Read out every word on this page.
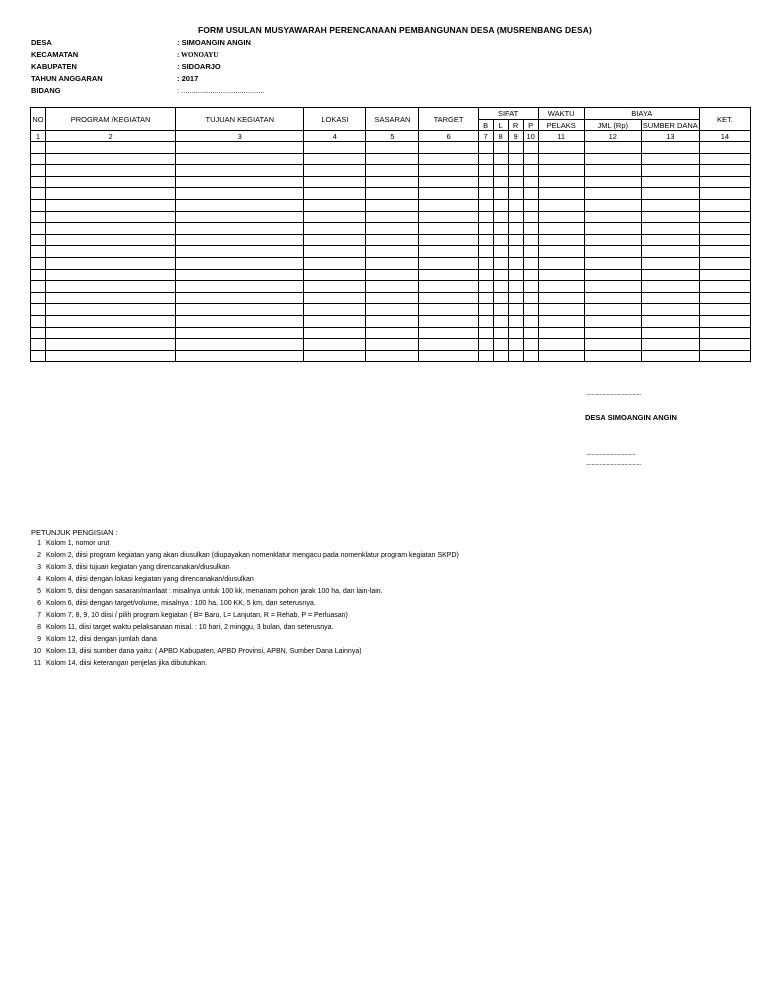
FORM USULAN MUSYAWARAH PERENCANAAN PEMBANGUNAN DESA (MUSRENBANG DESA)
DESA	: SIMOANGIN ANGIN
KECAMATAN	: WONOAYU
KABUPATEN	: SIDOARJO
TAHUN ANGGARAN	: 2017
BIDANG	: ........................................
NO	PROGRAM /KEGIATAN	TUJUAN KEGIATAN	LOKASI	SASARAN	TARGET	SIFAT				WAKTU	BIAYA		KET.
						B	L	R	P	PELAKS	JML (Rp)	SUMBER DANA	
1	2	3	4	5	6	7	8	9	10	11	12	13	14

........................................
DESA SIMOANGIN ANGIN
....................................
........................................
PETUNJUK PENGISIAN :
1 Kolom 1, nomor urut
2 Kolom 2, diisi program kegiatan yang akan diusulkan (diupayakan nomenklatur mengacu pada nomenklatur program kegiatan SKPD)
3 Kolom 3, diisi tujuan kegiatan yang direncanakan/diusulkan
4 Kolom 4, diisi dengan lokasi kegiatan yang direncanakan/diusulkan
5 Kolom 5, diisi dengan sasaran/manfaat : misalnya untuk 100 kk, menanam pohon jarak 100 ha, dan lain-lain.
6 Kolom 6, diisi dengan target/volume, misalnya : 100 ha, 100 KK, 5 km, dan seterusnya.
7 Kolom 7, 8, 9, 10 diisi / pilih program kegiatan ( B= Baru, L= Lanjutan, R = Rehab, P = Perluasan)
8 Kolom 11, diisi target waktu pelaksanaan misal. : 10 hari, 2 minggu, 3 bulan, dan seterusnya.
9 Kolom 12, diisi dengan jumlah dana
10 Kolom 13, diisi sumber dana yaitu: ( APBD Kabupaten, APBD Provinsi, APBN, Sumber Dana Lainnya)
11 Kolom 14, diisi keterangan penjelas jika dibutuhkan.
